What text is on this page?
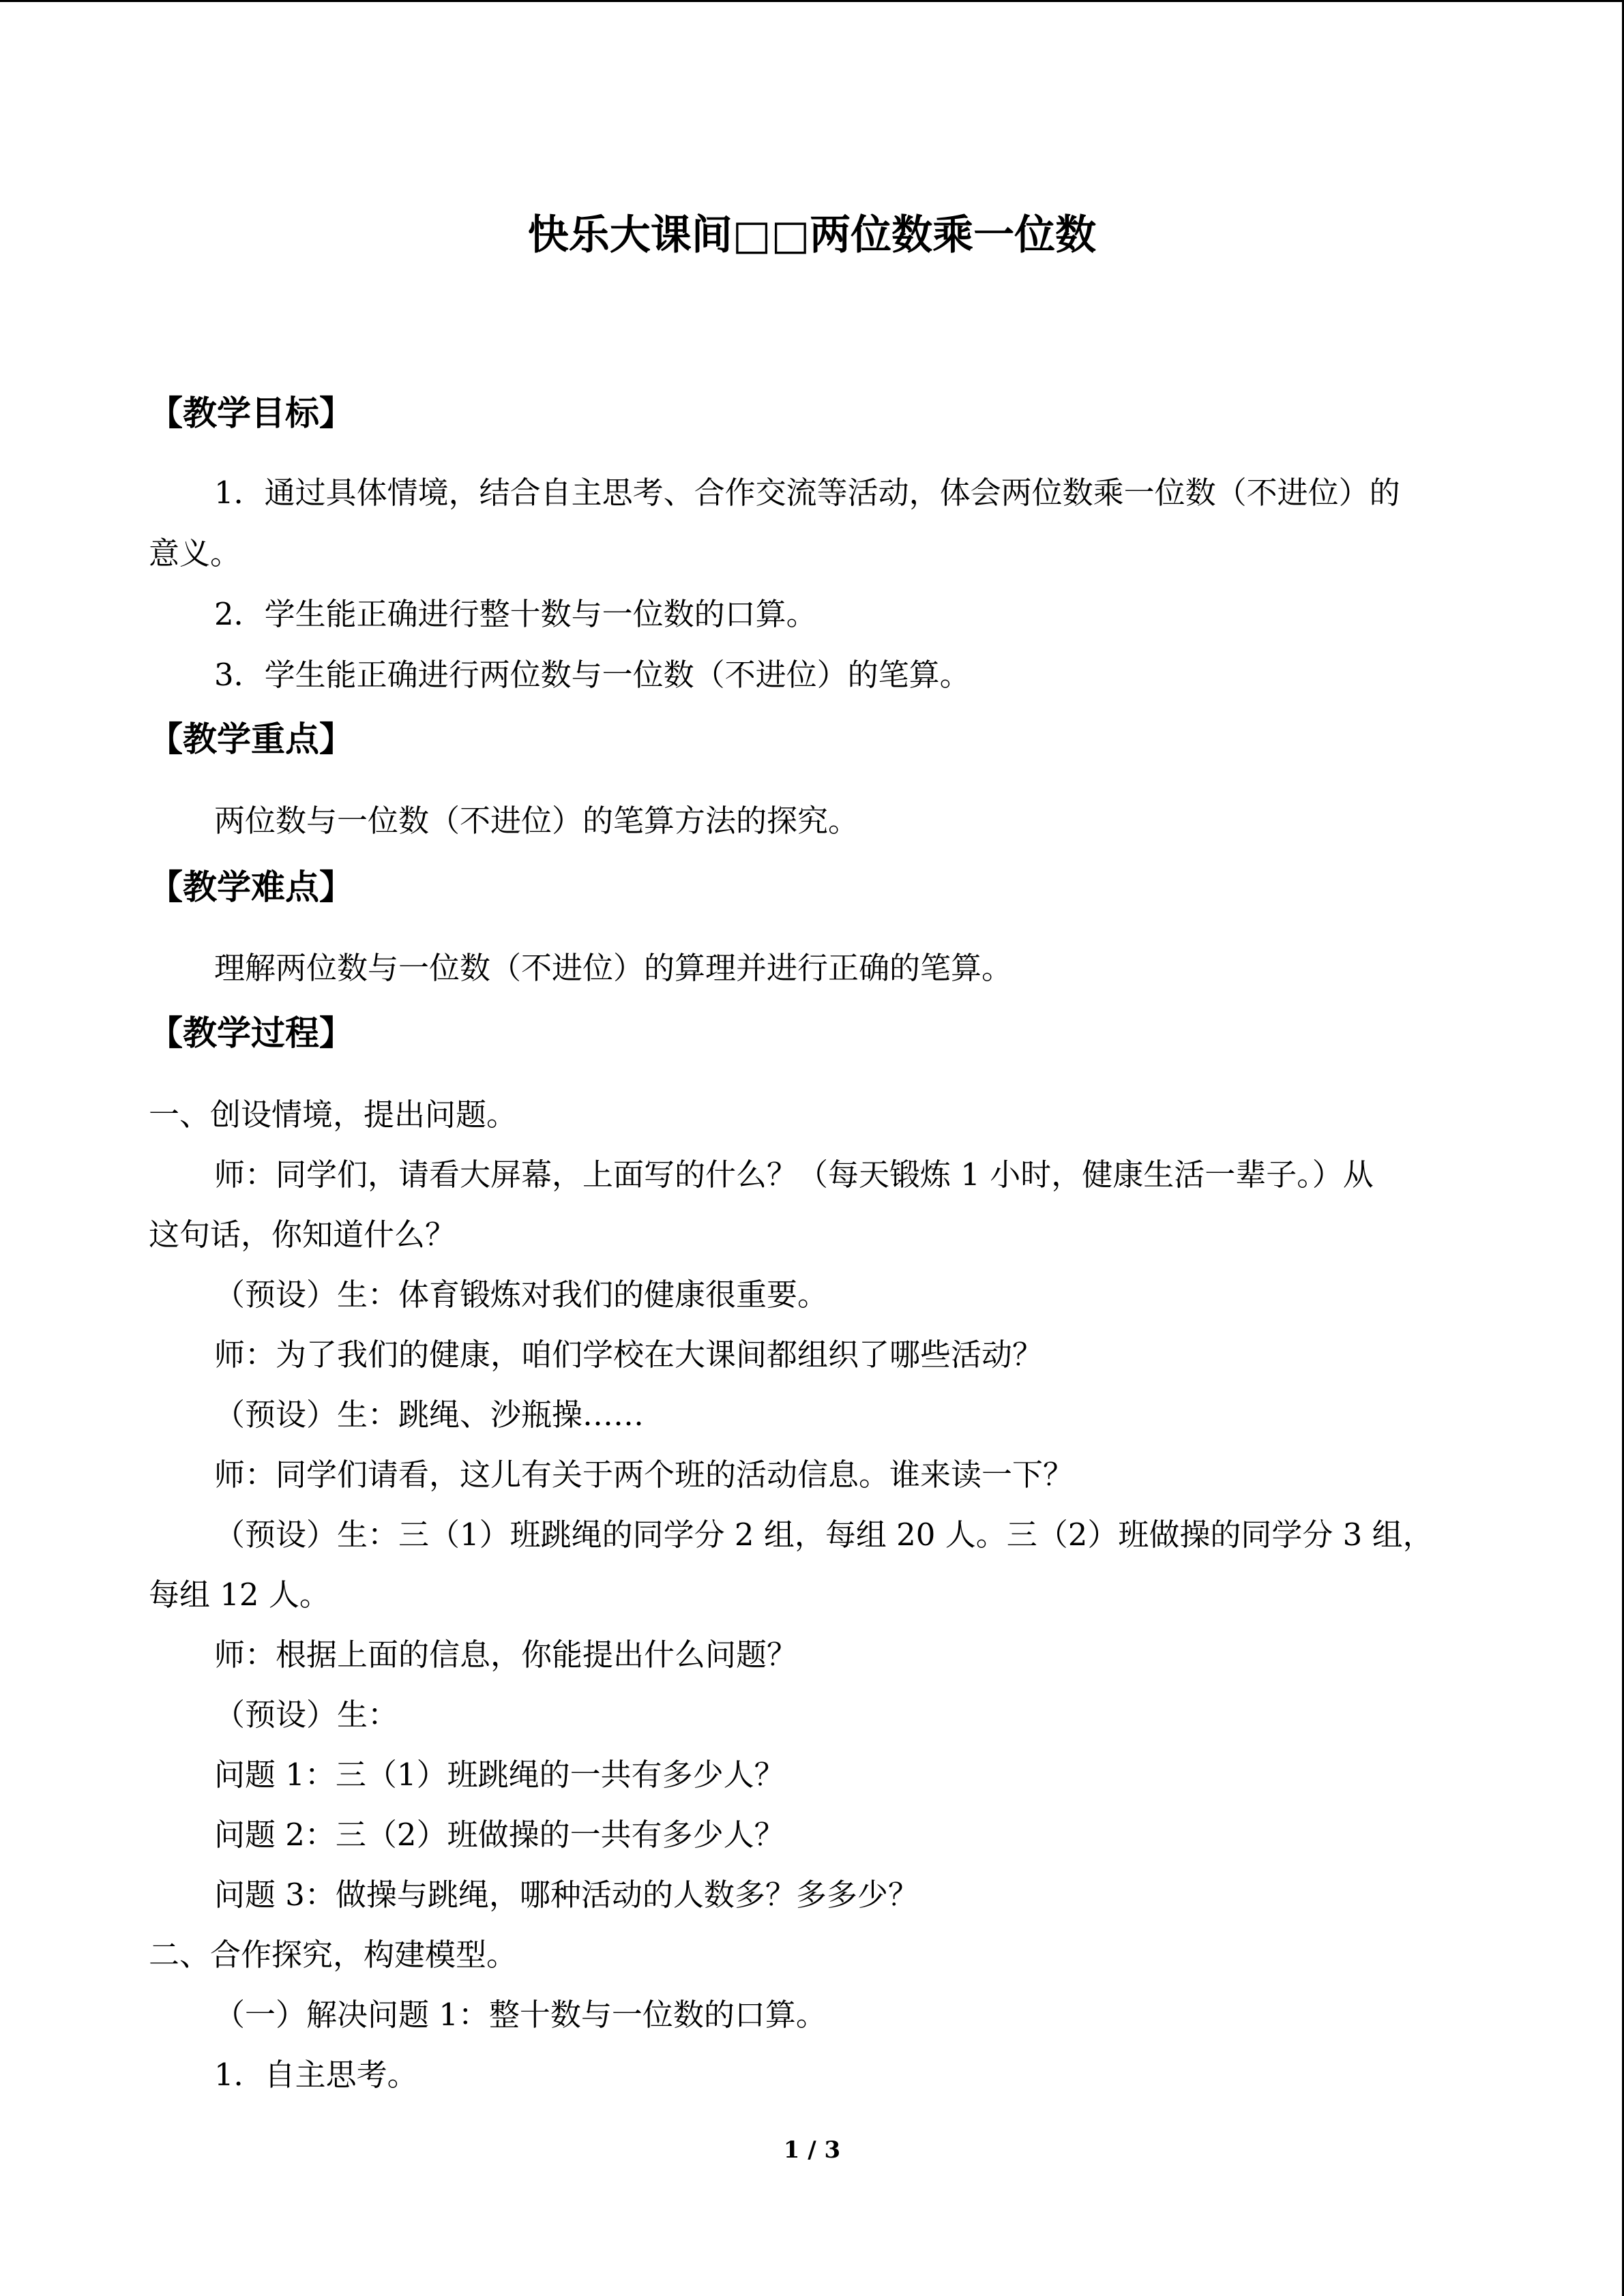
快乐大课间□□两位数乘一位数
【教学目标】
1．通过具体情境，结合自主思考、合作交流等活动，体会两位数乘一位数（不进位）的
意义。
2．学生能正确进行整十数与一位数的口算。
3．学生能正确进行两位数与一位数（不进位）的笔算。
【教学重点】
两位数与一位数（不进位）的笔算方法的探究。
【教学难点】
理解两位数与一位数（不进位）的算理并进行正确的笔算。
【教学过程】
一、创设情境，提出问题。
师：同学们，请看大屏幕，上面写的什么？（每天锻炼 1 小时，健康生活一辈子。）从
这句话，你知道什么？
（预设）生：体育锻炼对我们的健康很重要。
师：为了我们的健康，咱们学校在大课间都组织了哪些活动？
（预设）生：跳绳、沙瓶操……
师：同学们请看，这儿有关于两个班的活动信息。谁来读一下？
（预设）生：三（1）班跳绳的同学分 2 组，每组 20 人。三（2）班做操的同学分 3 组，
每组 12 人。
师：根据上面的信息，你能提出什么问题？
（预设）生：
问题 1：三（1）班跳绳的一共有多少人？
问题 2：三（2）班做操的一共有多少人？
问题 3：做操与跳绳，哪种活动的人数多？多多少？
二、合作探究，构建模型。
（一）解决问题 1：整十数与一位数的口算。
1．自主思考。
1 / 3
